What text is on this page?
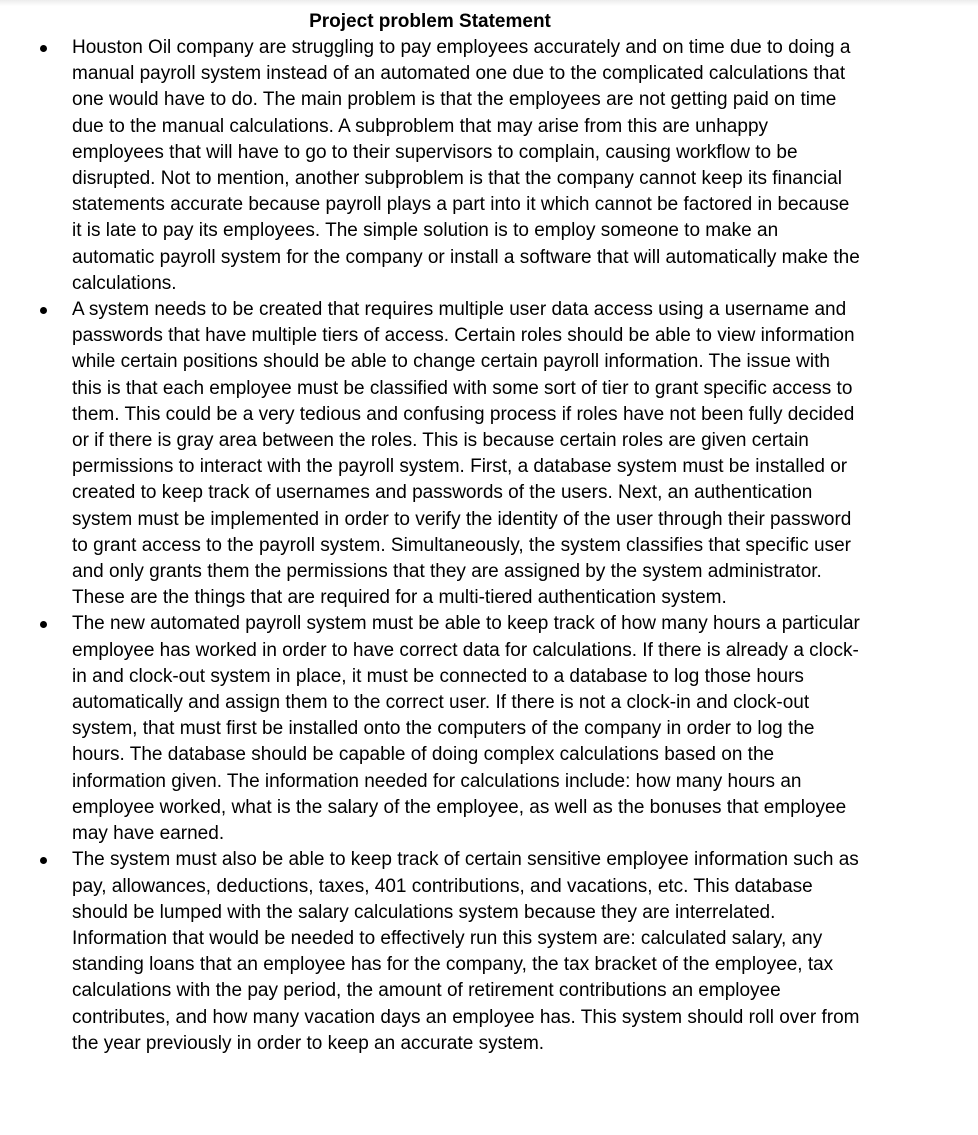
Project problem Statement
Houston Oil company are struggling to pay employees accurately and on time due to doing a manual payroll system instead of an automated one due to the complicated calculations that one would have to do. The main problem is that the employees are not getting paid on time due to the manual calculations. A subproblem that may arise from this are unhappy employees that will have to go to their supervisors to complain, causing workflow to be disrupted. Not to mention, another subproblem is that the company cannot keep its financial statements accurate because payroll plays a part into it which cannot be factored in because it is late to pay its employees. The simple solution is to employ someone to make an automatic payroll system for the company or install a software that will automatically make the calculations.
A system needs to be created that requires multiple user data access using a username and passwords that have multiple tiers of access. Certain roles should be able to view information while certain positions should be able to change certain payroll information. The issue with this is that each employee must be classified with some sort of tier to grant specific access to them. This could be a very tedious and confusing process if roles have not been fully decided or if there is gray area between the roles. This is because certain roles are given certain permissions to interact with the payroll system. First, a database system must be installed or created to keep track of usernames and passwords of the users. Next, an authentication system must be implemented in order to verify the identity of the user through their password to grant access to the payroll system. Simultaneously, the system classifies that specific user and only grants them the permissions that they are assigned by the system administrator. These are the things that are required for a multi-tiered authentication system.
The new automated payroll system must be able to keep track of how many hours a particular employee has worked in order to have correct data for calculations. If there is already a clock-in and clock-out system in place, it must be connected to a database to log those hours automatically and assign them to the correct user. If there is not a clock-in and clock-out system, that must first be installed onto the computers of the company in order to log the hours. The database should be capable of doing complex calculations based on the information given. The information needed for calculations include: how many hours an employee worked, what is the salary of the employee, as well as the bonuses that employee may have earned.
The system must also be able to keep track of certain sensitive employee information such as pay, allowances, deductions, taxes, 401 contributions, and vacations, etc. This database should be lumped with the salary calculations system because they are interrelated. Information that would be needed to effectively run this system are: calculated salary, any standing loans that an employee has for the company, the tax bracket of the employee, tax calculations with the pay period, the amount of retirement contributions an employee contributes, and how many vacation days an employee has. This system should roll over from the year previously in order to keep an accurate system.
